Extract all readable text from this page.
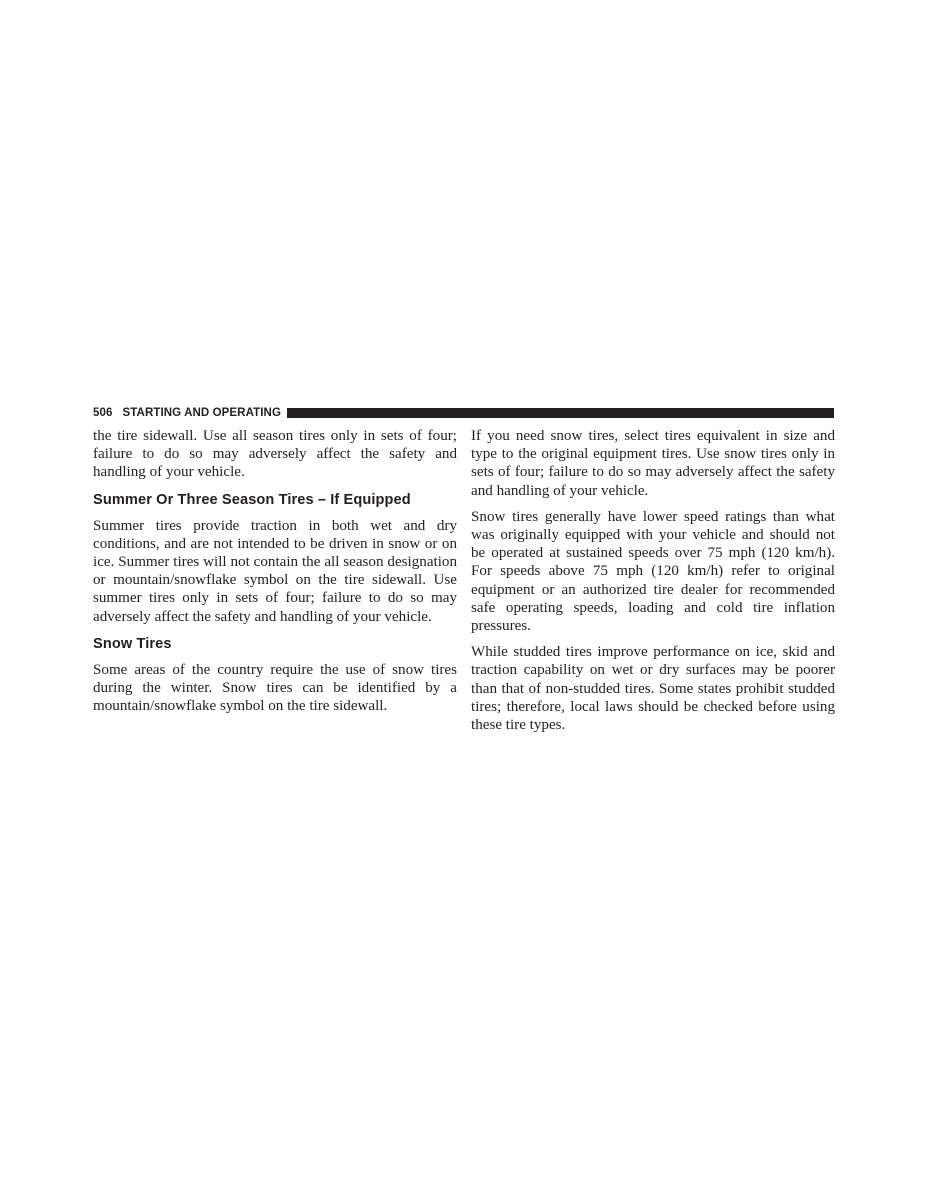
506 STARTING AND OPERATING

the tire sidewall. Use all season tires only in sets of four; failure to do so may adversely affect the safety and handling of your vehicle.

Summer Or Three Season Tires – If Equipped

Summer tires provide traction in both wet and dry conditions, and are not intended to be driven in snow or on ice. Summer tires will not contain the all season designation or mountain/snowflake symbol on the tire sidewall. Use summer tires only in sets of four; failure to do so may adversely affect the safety and handling of your vehicle.

Snow Tires

Some areas of the country require the use of snow tires during the winter. Snow tires can be identified by a mountain/snowflake symbol on the tire sidewall.

If you need snow tires, select tires equivalent in size and type to the original equipment tires. Use snow tires only in sets of four; failure to do so may adversely affect the safety and handling of your vehicle.

Snow tires generally have lower speed ratings than what was originally equipped with your vehicle and should not be operated at sustained speeds over 75 mph (120 km/h). For speeds above 75 mph (120 km/h) refer to original equipment or an authorized tire dealer for recommended safe operating speeds, loading and cold tire inflation pressures.

While studded tires improve performance on ice, skid and traction capability on wet or dry surfaces may be poorer than that of non-studded tires. Some states prohibit studded tires; therefore, local laws should be checked before using these tire types.
